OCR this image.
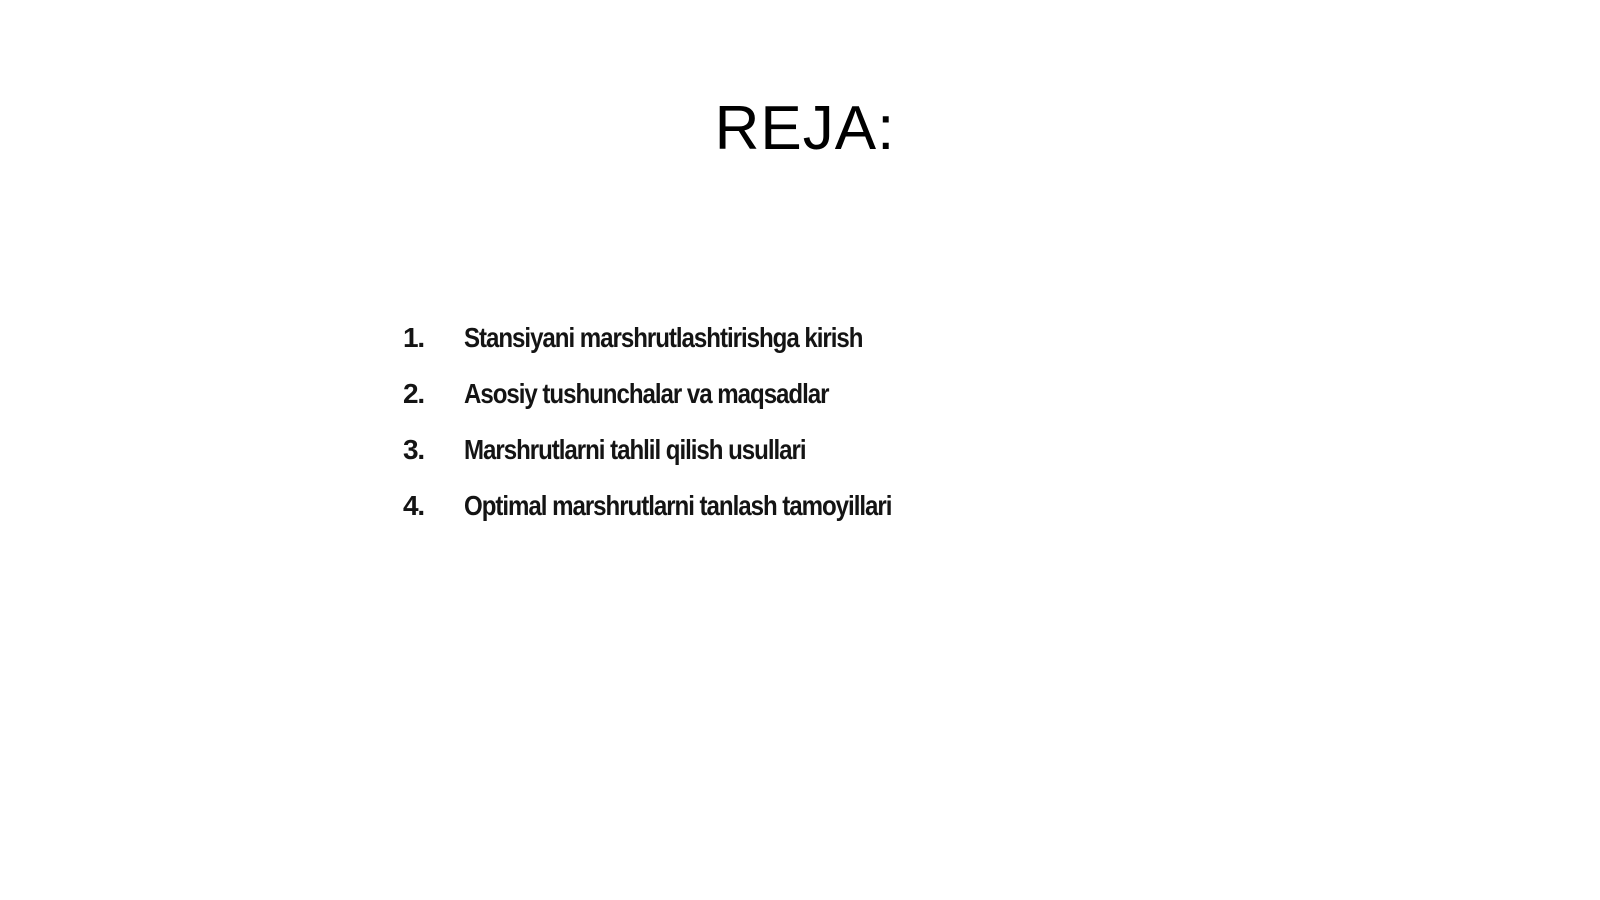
REJA:
1.	Stansiyani marshrutlashtirishga kirish
2.	Asosiy tushunchalar va maqsadlar
3.	Marshrutlarni tahlil qilish usullari
4.	Optimal marshrutlarni tanlash tamoyillari
